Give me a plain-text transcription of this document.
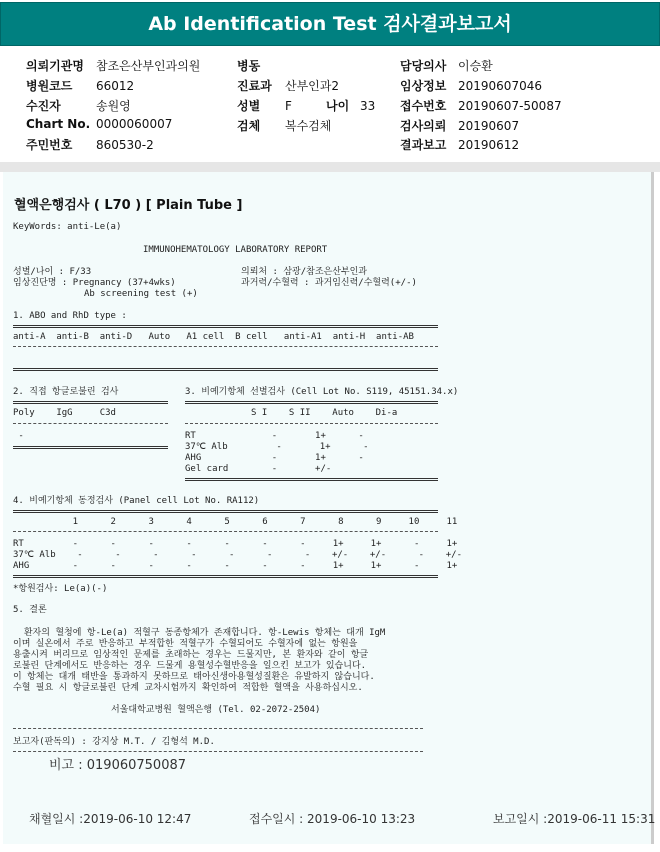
Ab Identification Test 검사결과보고서
의뢰기관명 참조은산부인과의원	병동	담당의사 이승환
병원코드 66012	진료과 산부인과2	임상정보 20190607046
수진자	송원영	성별 F	나이 33 접수번호 20190607-50087
Chart No. 0000060007	검체 복수검체	검사의뢰 20190607
주민번호 860530-2	결과보고 20190612
혈액은행검사 ( L70 ) [ Plain Tube ]
KeyWords: anti-Le(a)
IMMUNOHEMATOLOGY LABORATORY REPORT
성별/나이 : F/33	의뢰처 : 삼광/참조은산부인과
임상진단명 : Pregnancy (37+4wks)	과거력/수혈력 : 과거임신력/수혈력(+/-)
Ab screening test (+)
1. ABO and RhD type :
anti-A  anti-B  anti-D   Auto   A1 cell  B cell   anti-A1  anti-H  anti-AB
2. 직접 항글로불린 검사
Poly    IgG     C3d
-
3. 비예기항체 선별검사 (Cell Lot No. S119, 45151.34.x)
S I    S II    Auto    Di-a
RT              -       1+      -
37℃ Alb         -       1+      -
AHG             -       1+      -
Gel card        -       +/-
4. 비예기항체 동정검사 (Panel cell Lot No. RA112)
1      2      3      4      5      6      7      8      9     10     11
RT         -      -      -      -      -      -      -     1+     1+      -     1+
37℃ Alb    -      -      -      -      -      -      -    +/-    +/-      -    +/-
AHG        -      -      -      -      -      -      -     1+     1+      -     1+
*항원검사: Le(a)(-)
5. 결론
환자의 혈청에 항-Le(a) 적혈구 동종항체가 존재합니다. 항-Lewis 항체는 대개 IgM
이며 실온에서 주로 반응하고 부적합한 적혈구가 수혈되어도 수혈자에 없는 항원을
용출시켜 버리므로 임상적인 문제를 초래하는 경우는 드물지만, 본 환자와 같이 항글
로불린 단계에서도 반응하는 경우 드물게 용혈성수혈반응을 일으킨 보고가 있습니다.
이 항체는 대개 태반을 통과하지 못하므로 태아신생아용혈성질환은 유발하지 않습니다.
수혈 필요 시 항글로불린 단계 교차시험까지 확인하여 적합한 혈액을 사용하십시오.
서울대학교병원 혈액은행 (Tel. 02-2072-2504)
보고자(판독의) : 강지상 M.T. / 김형석 M.D.
비고 : 019060750087
채혈일시 :2019-06-10 12:47	접수일시 : 2019-06-10 13:23	보고일시 :2019-06-11 15:31
